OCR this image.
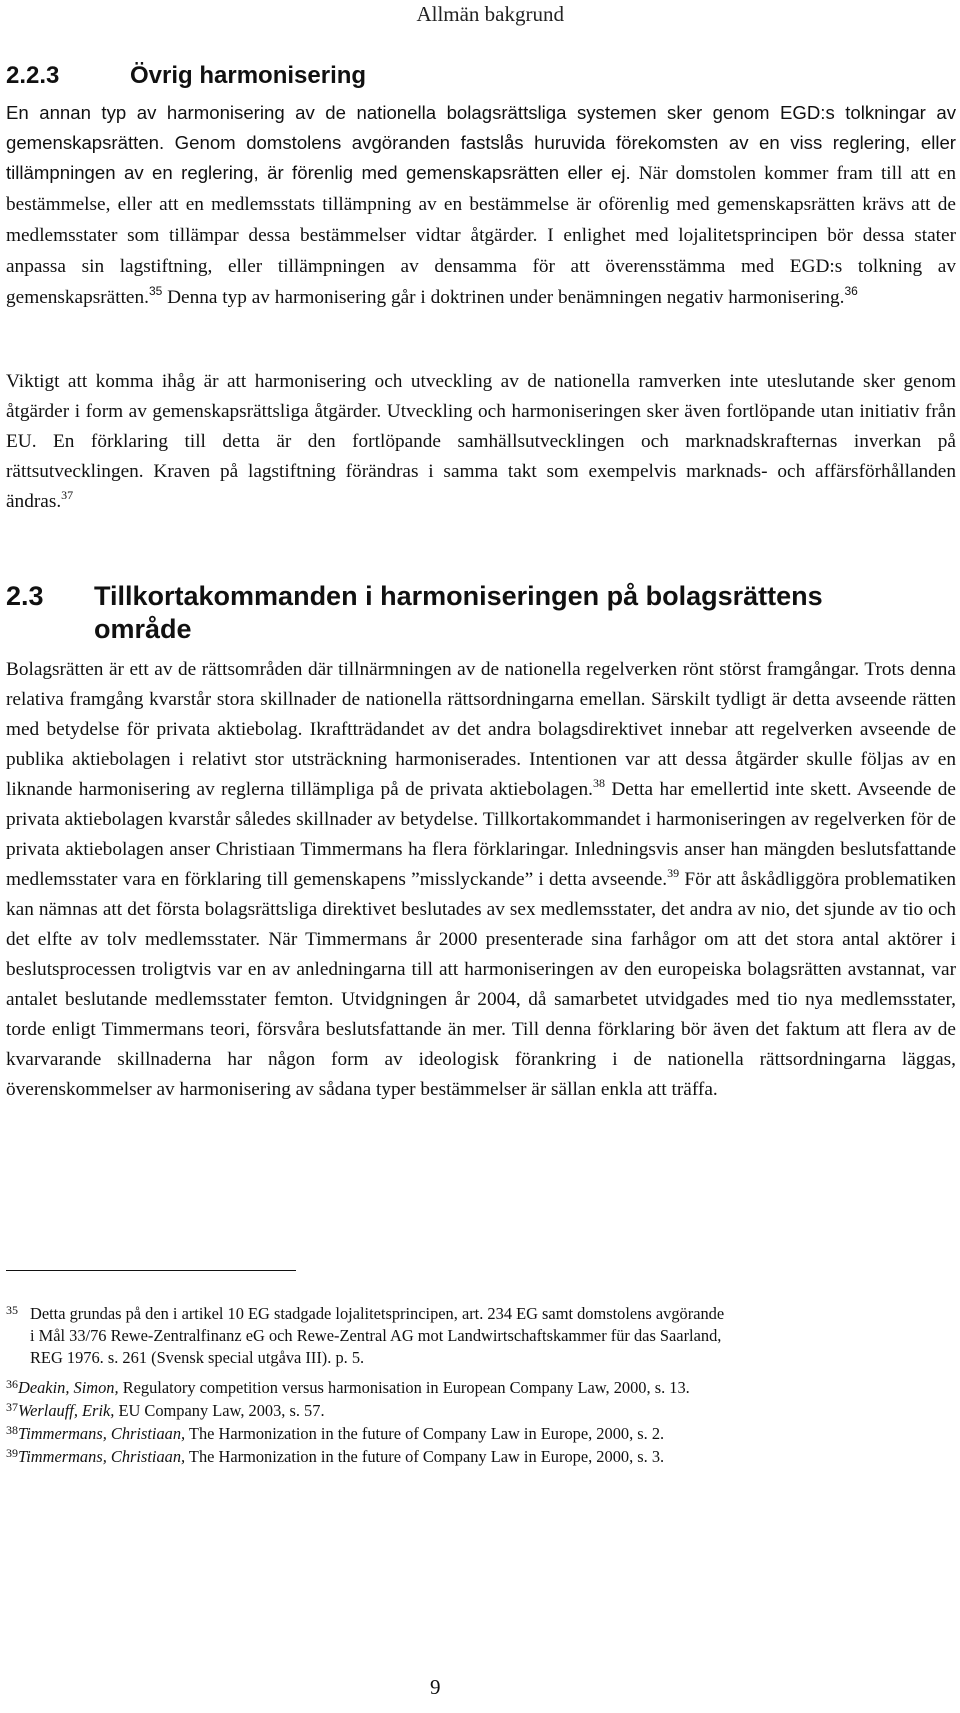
Allmän bakgrund
2.2.3	Övrig harmonisering

En annan typ av harmonisering av de nationella bolagsrättsliga systemen sker genom EGD:s tolkningar av gemenskapsrätten. Genom domstolens avgöranden fastslås huruvida förekomsten av en viss reglering, eller tillämpningen av en reglering, är förenlig med gemenskapsrätten eller ej. När domstolen kommer fram till att en bestämmelse, eller att en medlemsstats tillämpning av en bestämmelse är oförenlig med gemenskapsrätten krävs att de medlemsstater som tillämpar dessa bestämmelser vidtar åtgärder. I enlighet med lojalitetsprincipen bör dessa stater anpassa sin lagstiftning, eller tillämpningen av densamma för att överensstämma med EGD:s tolkning av gemenskapsrätten.$^{35}$ Denna typ av harmonisering går i doktrinen under benämningen negativ harmonisering.$^{36}$

Viktigt att komma ihåg är att harmonisering och utveckling av de nationella ramverken inte uteslutande sker genom åtgärder i form av gemenskapsrättsliga åtgärder. Utveckling och harmoniseringen sker även fortlöpande utan initiativ från EU. En förklaring till detta är den fortlöpande samhällsutvecklingen och marknadskrafternas inverkan på rättsutvecklingen. Kraven på lagstiftning förändras i samma takt som exempelvis marknads- och affärsförhållanden ändras.$^{37}$

2.3 Tillkortakommanden i harmoniseringen på bolagsrättens
område

Bolagsrätten är ett av de rättsområden där tillnärmningen av de nationella regelverken rönt störst framgångar. Trots denna relativa framgång kvarstår stora skillnader de nationella rättsordningarna emellan. Särskilt tydligt är detta avseende rätten med betydelse för privata aktiebolag. Ikraftträdandet av det andra bolagsdirektivet innebar att regelverken avseende de publika aktiebolagen i relativt stor utsträckning harmoniserades. Intentionen var att dessa åtgärder skulle följas av en liknande harmonisering av reglerna tillämpliga på de privata aktiebolagen.$^{38}$ Detta har emellertid inte skett. Avseende de privata aktiebolagen kvarstår således skillnader av betydelse. Tillkortakommandet i harmoniseringen av regelverken för de privata aktiebolagen anser Christiaan Timmermans ha flera förklaringar. Inledningsvis anser han mängden beslutsfattande medlemsstater vara en förklaring till gemenskapens ”misslyckande” i detta avseende.$^{39}$ För att åskådliggöra problematiken kan nämnas att det första bolagsrättsliga direktivet beslutades av sex medlemsstater, det andra av nio, det sjunde av tio och det elfte av tolv medlemsstater. När Timmermans år 2000 presenterade sina farhågor om att det stora antal aktörer i beslutsprocessen troligtvis var en av anledningarna till att harmoniseringen av den europeiska bolagsrätten avstannat, var antalet beslutande medlemsstater femton. Utvidgningen år 2004, då samarbetet utvidgades med tio nya medlemsstater, torde enligt Timmermans teori, försvåra beslutsfattande än mer. Till denna förklaring bör även det faktum att flera av de kvarvarande skillnaderna har någon form av ideologisk förankring i de nationella rättsordningarna läggas, överenskommelser av harmonisering av sådana typer bestämmelser är sällan enkla att träffa.

35 Detta grundas på den i artikel 10 EG stadgade lojalitetsprincipen, art. 234 EG samt domstolens avgörande
i Mål 33/76 Rewe-Zentralfinanz eG och Rewe-Zentral AG mot Landwirtschaftskammer für das Saarland,
REG 1976. s. 261 (Svensk special utgåva III). p. 5.
36Deakin, Simon, Regulatory competition versus harmonisation in European Company Law, 2000, s. 13.
37Werlauff, Erik, EU Company Law, 2003, s. 57.
38Timmermans, Christiaan, The Harmonization in the future of Company Law in Europe, 2000, s. 2.
39Timmermans, Christiaan, The Harmonization in the future of Company Law in Europe, 2000, s. 3.
9
